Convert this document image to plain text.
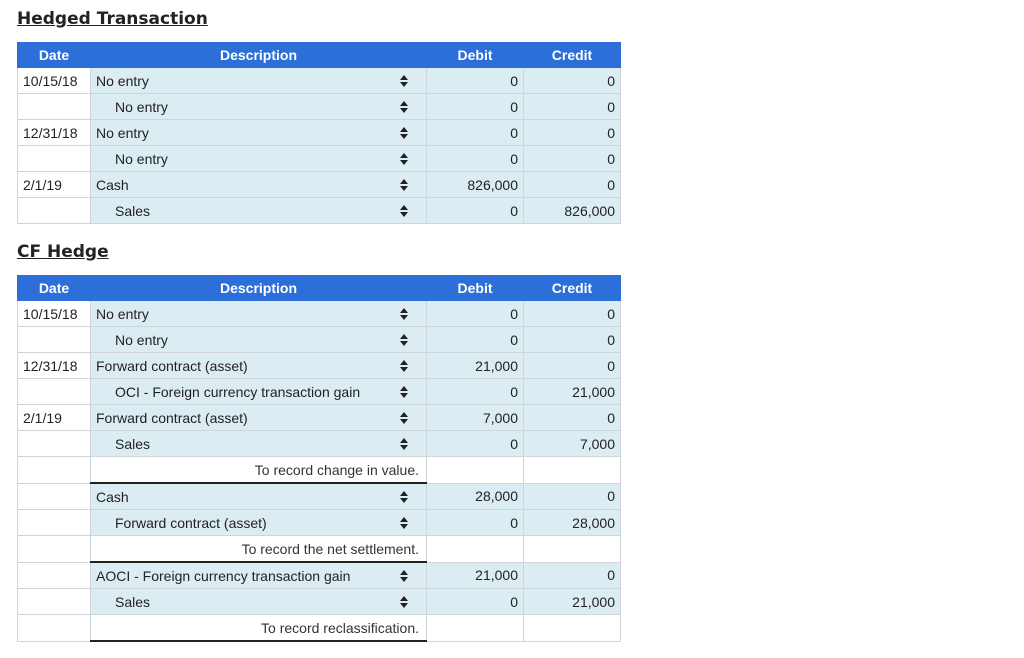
Hedged Transaction
Date	Description	Debit	Credit
10/15/18	No entry	0	0

	No entry	0	0
12/31/18	No entry	0	0

	No entry	0	0
2/1/19	Cash	826,000	0

	Sales	0	826,000
CF Hedge
Date	Description	Debit	Credit
10/15/18	No entry	0	0

	No entry	0	0
12/31/18	Forward contract (asset)	21,000	0

	OCI - Foreign currency transaction gain	0	21,000
2/1/19	Forward contract (asset)	7,000	0

	Sales	0	7,000
	To record change in value.		

	Cash	28,000	0

	Forward contract (asset)	0	28,000
	To record the net settlement.		

	AOCI - Foreign currency transaction gain	21,000	0

	Sales	0	21,000
	To record reclassification.		
